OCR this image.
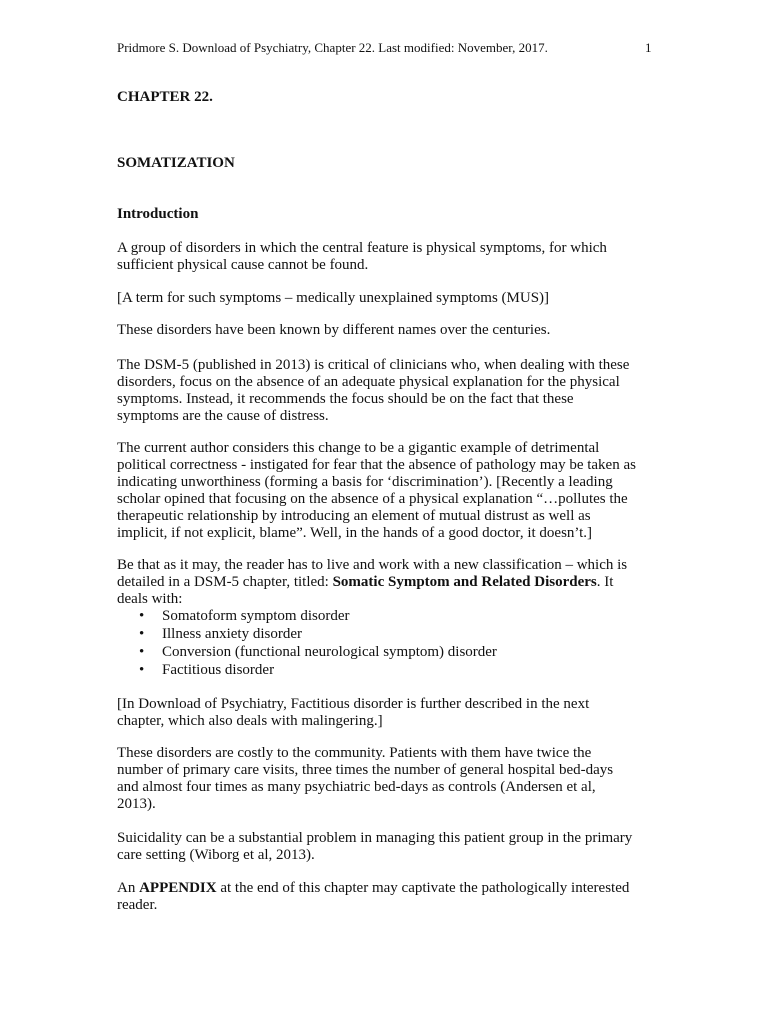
Pridmore S. Download of Psychiatry, Chapter 22. Last modified: November, 2017.	1

CHAPTER 22.

SOMATIZATION

Introduction

A group of disorders in which the central feature is physical symptoms, for which
sufficient physical cause cannot be found.

[A term for such symptoms – medically unexplained symptoms (MUS)]

These disorders have been known by different names over the centuries.

The DSM-5 (published in 2013) is critical of clinicians who, when dealing with these
disorders, focus on the absence of an adequate physical explanation for the physical
symptoms. Instead, it recommends the focus should be on the fact that these
symptoms are the cause of distress.

The current author considers this change to be a gigantic example of detrimental
political correctness - instigated for fear that the absence of pathology may be taken as
indicating unworthiness (forming a basis for ‘discrimination’). [Recently a leading
scholar opined that focusing on the absence of a physical explanation “…pollutes the
therapeutic relationship by introducing an element of mutual distrust as well as
implicit, if not explicit, blame”. Well, in the hands of a good doctor, it doesn’t.]

Be that as it may, the reader has to live and work with a new classification – which is
detailed in a DSM-5 chapter, titled: Somatic Symptom and Related Disorders. It
deals with:

• Somatoform symptom disorder
• Illness anxiety disorder
• Conversion (functional neurological symptom) disorder
• Factitious disorder

[In Download of Psychiatry, Factitious disorder is further described in the next
chapter, which also deals with malingering.]

These disorders are costly to the community. Patients with them have twice the
number of primary care visits, three times the number of general hospital bed-days
and almost four times as many psychiatric bed-days as controls (Andersen et al,
2013).

Suicidality can be a substantial problem in managing this patient group in the primary
care setting (Wiborg et al, 2013).

An APPENDIX at the end of this chapter may captivate the pathologically interested
reader.
